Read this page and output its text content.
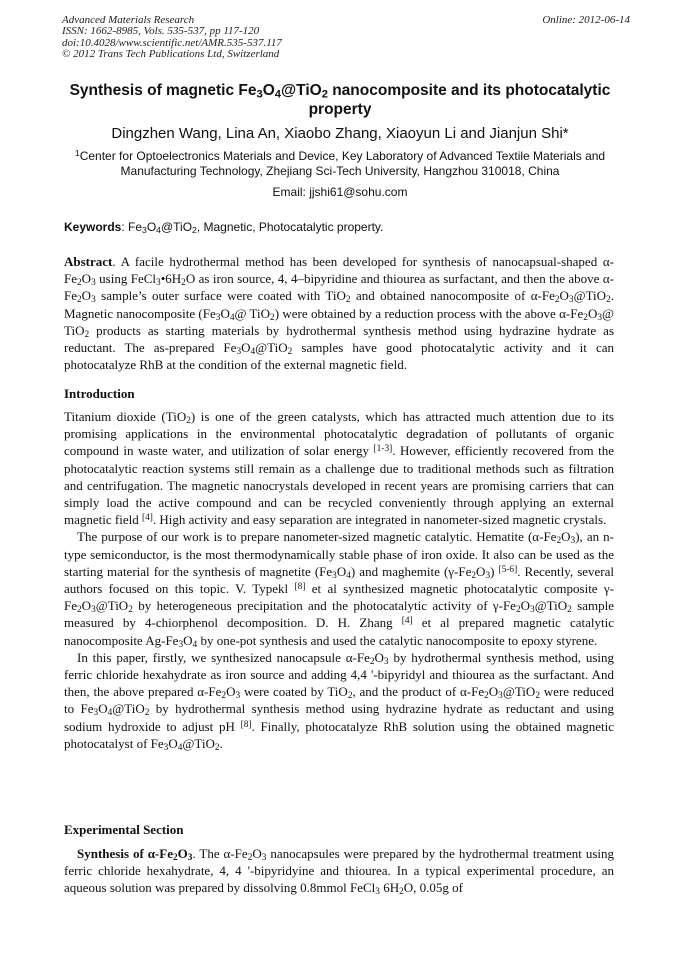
Advanced Materials Research
ISSN: 1662-8985, Vols. 535-537, pp 117-120
doi:10.4028/www.scientific.net/AMR.535-537.117
© 2012 Trans Tech Publications Ltd, Switzerland
Online: 2012-06-14
Synthesis of magnetic $Fe_3O_4@TiO_2$ nanocomposite and its photocatalytic property
Dingzhen Wang, Lina An, Xiaobo Zhang, Xiaoyun Li and Jianjun Shi*
$^1$Center for Optoelectronics Materials and Device, Key Laboratory of Advanced Textile Materials and Manufacturing Technology, Zhejiang Sci-Tech University, Hangzhou 310018, China
Email: jjshi61@sohu.com
Keywords: $Fe_3O_4@TiO_2$, Magnetic, Photocatalytic property.

Abstract. A facile hydrothermal method has been developed for synthesis of nanocapsual-shaped $\alpha-Fe_2O_3$ using $FeCl_3•6H_2O$ as iron source, 4, 4–bipyridine and thiourea as surfactant, and then the above $\alpha-Fe_2O_3$ sample’s outer surface were coated with TiO$_2$ and obtained nanocomposite of $\alpha-Fe_2O_3@TiO_2$. Magnetic nanocomposite ($Fe_3O_4@$ TiO$_2$) were obtained by a reduction process with the above $\alpha-Fe_2O_3@$ TiO$_2$ products as starting materials by hydrothermal synthesis method using hydrazine hydrate as reductant. The as-prepared $Fe_3O_4@TiO_2$ samples have good photocatalytic activity and it can photocatalyze RhB at the condition of the external magnetic field.

Introduction

Titanium dioxide (TiO$_2$) is one of the green catalysts, which has attracted much attention due to its promising applications in the environmental photocatalytic degradation of pollutants of organic compound in waste water, and utilization of solar energy [1-3]. However, efficiently recovered from the photocatalytic reaction systems still remain as a challenge due to traditional methods such as filtration and centrifugation. The magnetic nanocrystals developed in recent years are promising carriers that can simply load the active compound and can be recycled conveniently through applying an external magnetic field [4]. High activity and easy separation are integrated in nanometer-sized magnetic crystals.

The purpose of our work is to prepare nanometer-sized magnetic catalytic. Hematite $(\alpha-Fe_2O_3)$, an n-type semiconductor, is the most thermodynamically stable phase of iron oxide. It also can be used as the starting material for the synthesis of magnetite $(Fe_3O_4)$ and maghemite $(\gamma-Fe_2O_3)$ [5-6]. Recently, several authors focused on this topic. V. Typekl [8] et al synthesized magnetic photocatalytic composite $\gamma-Fe_2O_3@TiO_2$ by heterogeneous precipitation and the photocatalytic activity of $\gamma-Fe_2O_3@TiO_2$ sample measured by 4-chiorphenol decomposition. D. H. Zhang [4] et al prepared magnetic catalytic nanocomposite $Ag-Fe_3O_4$ by one-pot synthesis and used the catalytic nanocomposite to epoxy styrene.

In this paper, firstly, we synthesized nanocapsule $\alpha-Fe_2O_3$ by hydrothermal synthesis method, using ferric chloride hexahydrate as iron source and adding 4,4 '-bipyridyl and thiourea as the surfactant. And then, the above prepared $\alpha-Fe_2O_3$ were coated by TiO$_2$, and the product of $\alpha-Fe_2O_3@TiO_2$ were reduced to $Fe_3O_4@TiO_2$ by hydrothermal synthesis method using hydrazine hydrate as reductant and using sodium hydroxide to adjust pH [8]. Finally, photocatalyze RhB solution using the obtained magnetic photocatalyst of $Fe_3O_4@TiO_2$.

Experimental Section

Synthesis of $\alpha-Fe_2O_3$. The $\alpha-Fe_2O_3$ nanocapsules were prepared by the hydrothermal treatment using ferric chloride hexahydrate, 4, 4 '-bipyridyine and thiourea. In a typical experimental procedure, an aqueous solution was prepared by dissolving 0.8mmol FeCl$_3$ $6H_2O$, 0.05g of
